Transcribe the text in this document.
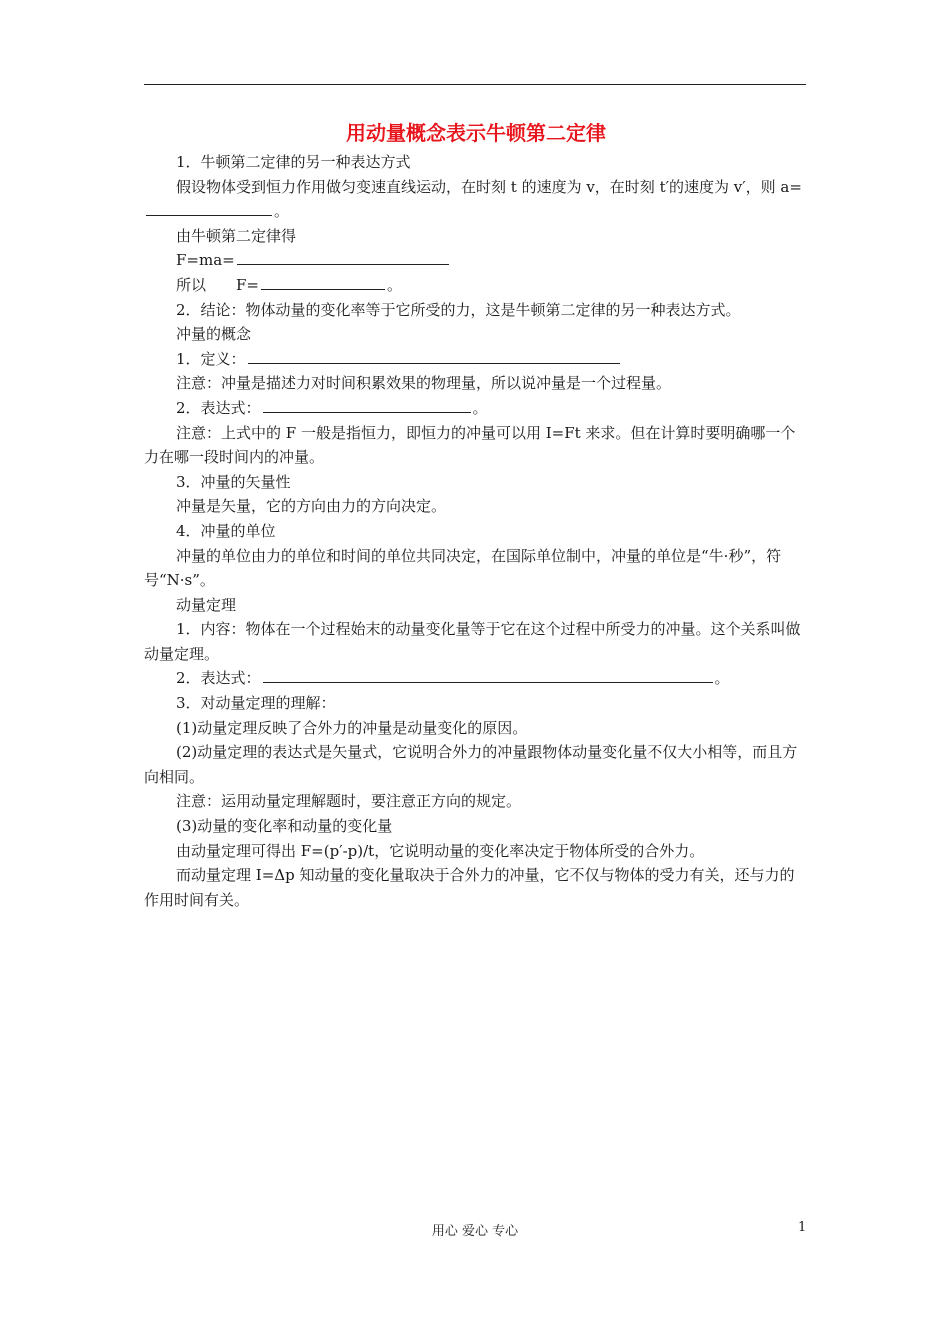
用动量概念表示牛顿第二定律

1．牛顿第二定律的另一种表达方式

假设物体受到恒力作用做匀变速直线运动，在时刻 t 的速度为 v，在时刻 t′的速度为 v′，则 a=。

由牛顿第二定律得

F=ma=

所以 F=	。

2．结论：物体动量的变化率等于它所受的力，这是牛顿第二定律的另一种表达方式。

冲量的概念

1．定义：

注意：冲量是描述力对时间积累效果的物理量，所以说冲量是一个过程量。

2．表达式：	。

注意：上式中的 F 一般是指恒力，即恒力的冲量可以用 I=Ft 来求。但在计算时要明确哪一个力在哪一段时间内的冲量。

3．冲量的矢量性

冲量是矢量，它的方向由力的方向决定。

4．冲量的单位

冲量的单位由力的单位和时间的单位共同决定，在国际单位制中，冲量的单位是“牛·秒”，符号“N·s”。

动量定理

1．内容：物体在一个过程始末的动量变化量等于它在这个过程中所受力的冲量。这个关系叫做动量定理。

2．表达式：	。

3．对动量定理的理解：

(1)动量定理反映了合外力的冲量是动量变化的原因。

(2)动量定理的表达式是矢量式，它说明合外力的冲量跟物体动量变化量不仅大小相等，而且方向相同。

注意：运用动量定理解题时，要注意正方向的规定。

(3)动量的变化率和动量的变化量

由动量定理可得出 F=(p′-p)/t，它说明动量的变化率决定于物体所受的合外力。

而动量定理 I=Δp 知动量的变化量取决于合外力的冲量，它不仅与物体的受力有关，还与力的作用时间有关。

用心 爱心 专心	1
